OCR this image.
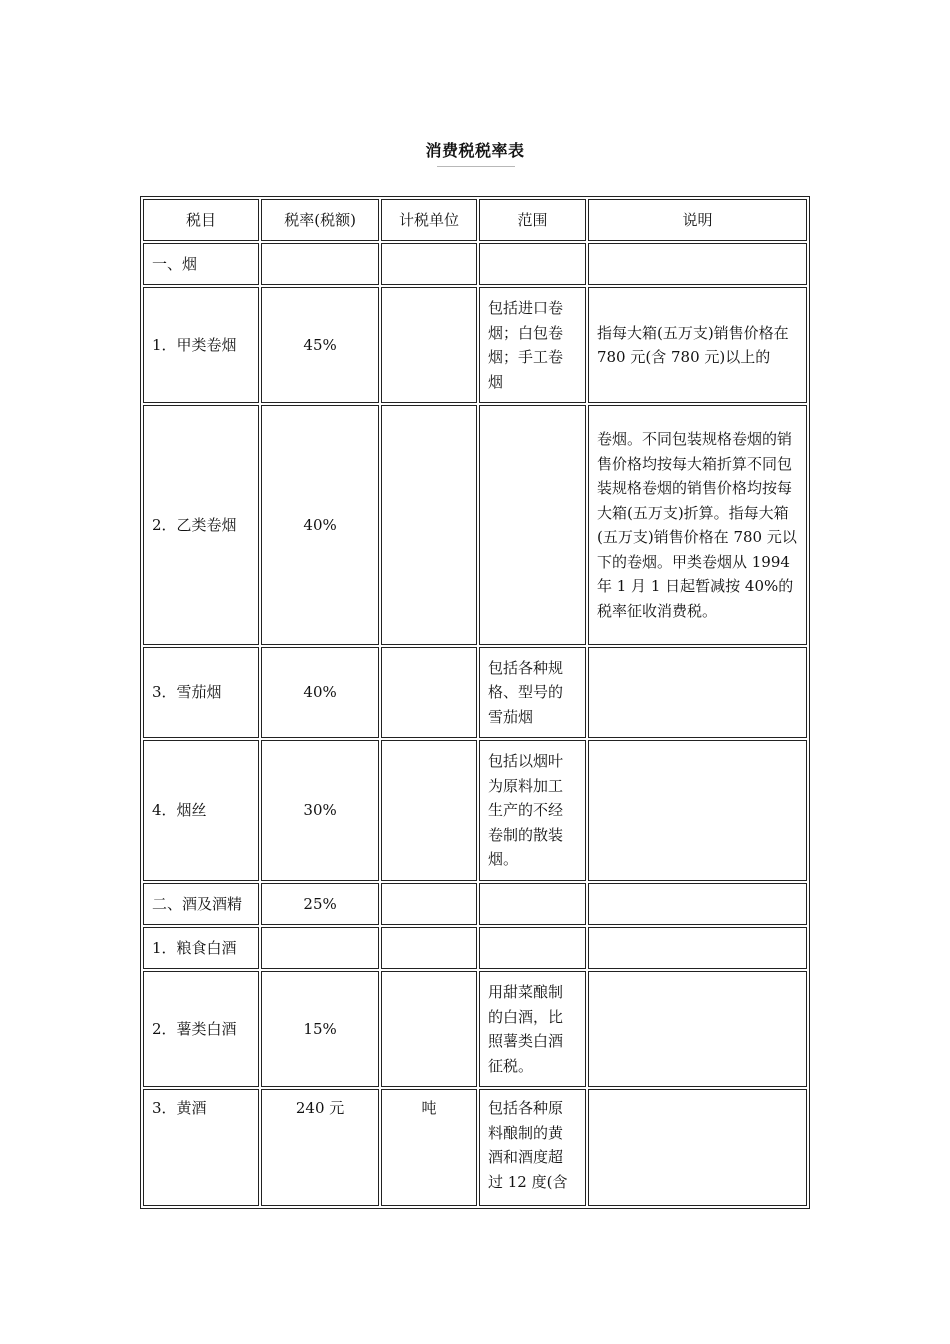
消费税税率表
税目	税率(税额)	计税单位	范围	说明
一、烟				
1．甲类卷烟	45%		包括进口卷烟；白包卷烟；手工卷烟	指每大箱(五万支)销售价格在 780 元(含 780 元)以上的
2．乙类卷烟	40%			卷烟。不同包装规格卷烟的销售价格均按每大箱折算不同包装规格卷烟的销售价格均按每大箱(五万支)折算。指每大箱(五万支)销售价格在 780 元以下的卷烟。甲类卷烟从 1994 年 1 月 1 日起暂减按 40%的税率征收消费税。
3．雪茄烟	40%		包括各种规格、型号的雪茄烟	
4．烟丝	30%		包括以烟叶为原料加工生产的不经卷制的散装烟。	
二、酒及酒精	25%			
1．粮食白酒				
2．薯类白酒	15%		用甜菜酿制的白酒，比照薯类白酒征税。	
3．黄酒	240 元	吨	包括各种原料酿制的黄酒和酒度超过 12 度(含	
